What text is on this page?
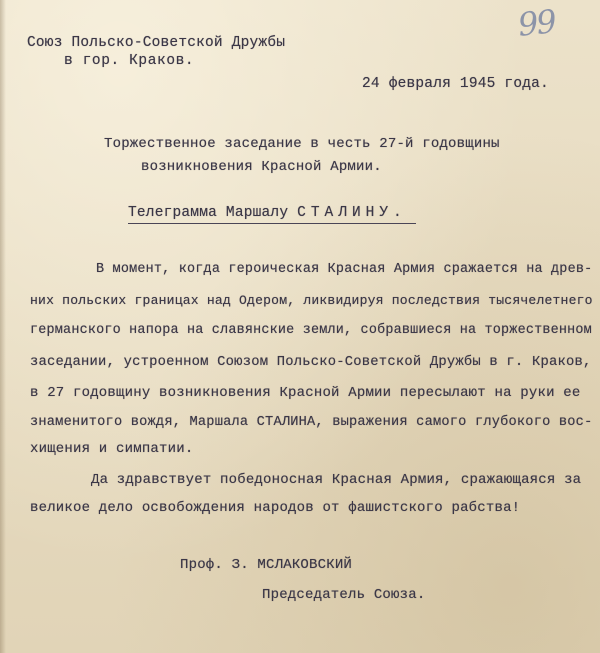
99
Союз Польско-Советской Дружбы
в гор. Краков.
24 февраля 1945 года.
Торжественное заседание в честь 27-й годовщины
возникновения Красной Армии.
Телеграмма Маршалу СТАЛИНУ.
В момент, когда героическая Красная Армия сражается на древ-
них польских границах над Одером, ликвидируя последствия тысячелетнего
германского напора на славянские земли, собравшиеся на торжественном
заседании, устроенном Союзом Польско-Советской Дружбы в г. Краков,
в 27 годовщину возникновения Красной Армии пересылают на руки ее
знаменитого вождя, Маршала СТАЛИНА, выражения самого глубокого вос-
хищения и симпатии.
Да здравствует победоносная Красная Армия, сражающаяся за
великое дело освобождения народов от фашистского рабства!
Проф. З. МСЛАКОВСКИЙ
Председатель Союза.
